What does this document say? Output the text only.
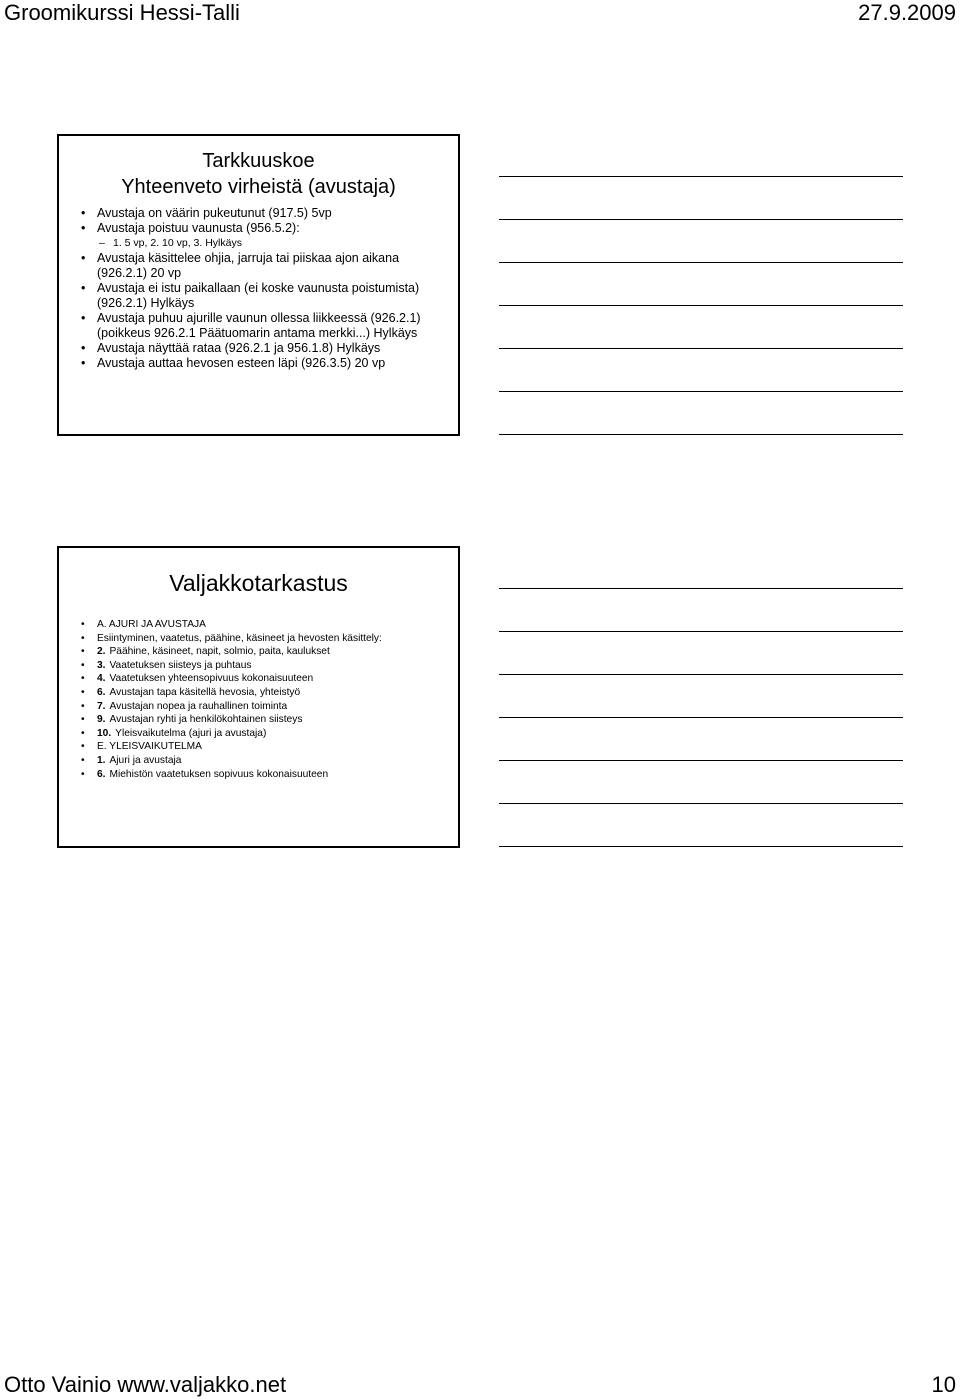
Groomikurssi Hessi-Talli	27.9.2009
Tarkkuuskoe
Yhteenveto virheistä (avustaja)
• Avustaja on väärin pukeutunut (917.5) 5vp
• Avustaja poistuu vaunusta (956.5.2):
– 1. 5 vp, 2. 10 vp, 3. Hylkäys
• Avustaja käsittelee ohjia, jarruja tai piiskaa ajon aikana (926.2.1) 20 vp
• Avustaja ei istu paikallaan (ei koske vaunusta poistumista) (926.2.1) Hylkäys
• Avustaja puhuu ajurille vaunun ollessa liikkeessä (926.2.1) (poikkeus 926.2.1 Päätuomarin antama merkki...) Hylkäys
• Avustaja näyttää rataa (926.2.1 ja 956.1.8) Hylkäys
• Avustaja auttaa hevosen esteen läpi (926.3.5) 20 vp
Valjakkotarkastus
• A. AJURI JA AVUSTAJA
• Esiintyminen, vaatetus, päähine, käsineet ja hevosten käsittely:
• 2. Päähine, käsineet, napit, solmio, paita, kaulukset
• 3. Vaatetuksen siisteys ja puhtaus
• 4. Vaatetuksen yhteensopivuus kokonaisuuteen
• 6. Avustajan tapa käsitellä hevosia, yhteistyö
• 7. Avustajan nopea ja rauhallinen toiminta
• 9. Avustajan ryhti ja henkilökohtainen siisteys
• 10. Yleisvaikutelma (ajuri ja avustaja)
• E. YLEISVAIKUTELMA
• 1. Ajuri ja avustaja
• 6. Miehistön vaatetuksen sopivuus kokonaisuuteen
Otto Vainio www.valjakko.net	10
